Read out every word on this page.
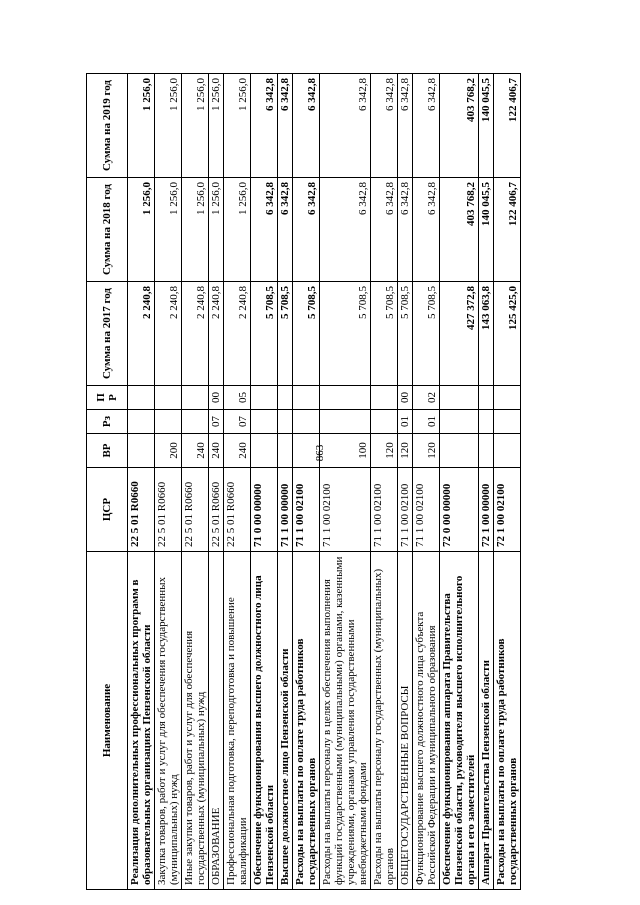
863
Наименование	ЦСР	ВР	Рз	ПР	Сумма на 2017 год	Сумма на 2018 год	Сумма на 2019 год
Реализация дополнительных профессиональных программ в образовательных организациях Пензенской области	22 5 01 R0660				2 240,8	1 256,0	1 256,0
Закупка товаров, работ и услуг для обеспечения государственных (муниципальных) нужд	22 5 01 R0660	200			2 240,8	1 256,0	1 256,0
Иные закупки товаров, работ и услуг для обеспечения государственных (муниципальных) нужд	22 5 01 R0660	240			2 240,8	1 256,0	1 256,0
ОБРАЗОВАНИЕ	22 5 01 R0660	240	07	00	2 240,8	1 256,0	1 256,0
Профессиональная подготовка, переподготовка и повышение квалификации	22 5 01 R0660	240	07	05	2 240,8	1 256,0	1 256,0
Обеспечение функционирования высшего должностного лица Пензенской области	71 0 00 00000				5 708,5	6 342,8	6 342,8
Высшее должностное лицо Пензенской области	71 1 00 00000				5 708,5	6 342,8	6 342,8
Расходы на выплаты по оплате труда работников государственных органов	71 1 00 02100				5 708,5	6 342,8	6 342,8
Расходы на выплаты персоналу в целях обеспечения выполнения функций государственными (муниципальными) органами, казенными учреждениями, органами управления государственными внебюджетными фондами	71 1 00 02100	100			5 708,5	6 342,8	6 342,8
Расходы на выплаты персоналу государственных (муниципальных) органов	71 1 00 02100	120			5 708,5	6 342,8	6 342,8
ОБЩЕГОСУДАРСТВЕННЫЕ ВОПРОСЫ	71 1 00 02100	120	01	00	5 708,5	6 342,8	6 342,8
Функционирование высшего должностного лица субъекта Российской Федерации и муниципального образования	71 1 00 02100	120	01	02	5 708,5	6 342,8	6 342,8
Обеспечение функционирования аппарата Правительства Пензенской области, руководителя высшего исполнительного органа и его заместителей	72 0 00 00000				427 372,8	403 768,2	403 768,2
Аппарат Правительства Пензенской области	72 1 00 00000				143 063,8	140 045,5	140 045,5
Расходы на выплаты по оплате труда работников государственных органов	72 1 00 02100				125 425,0	122 406,7	122 406,7
